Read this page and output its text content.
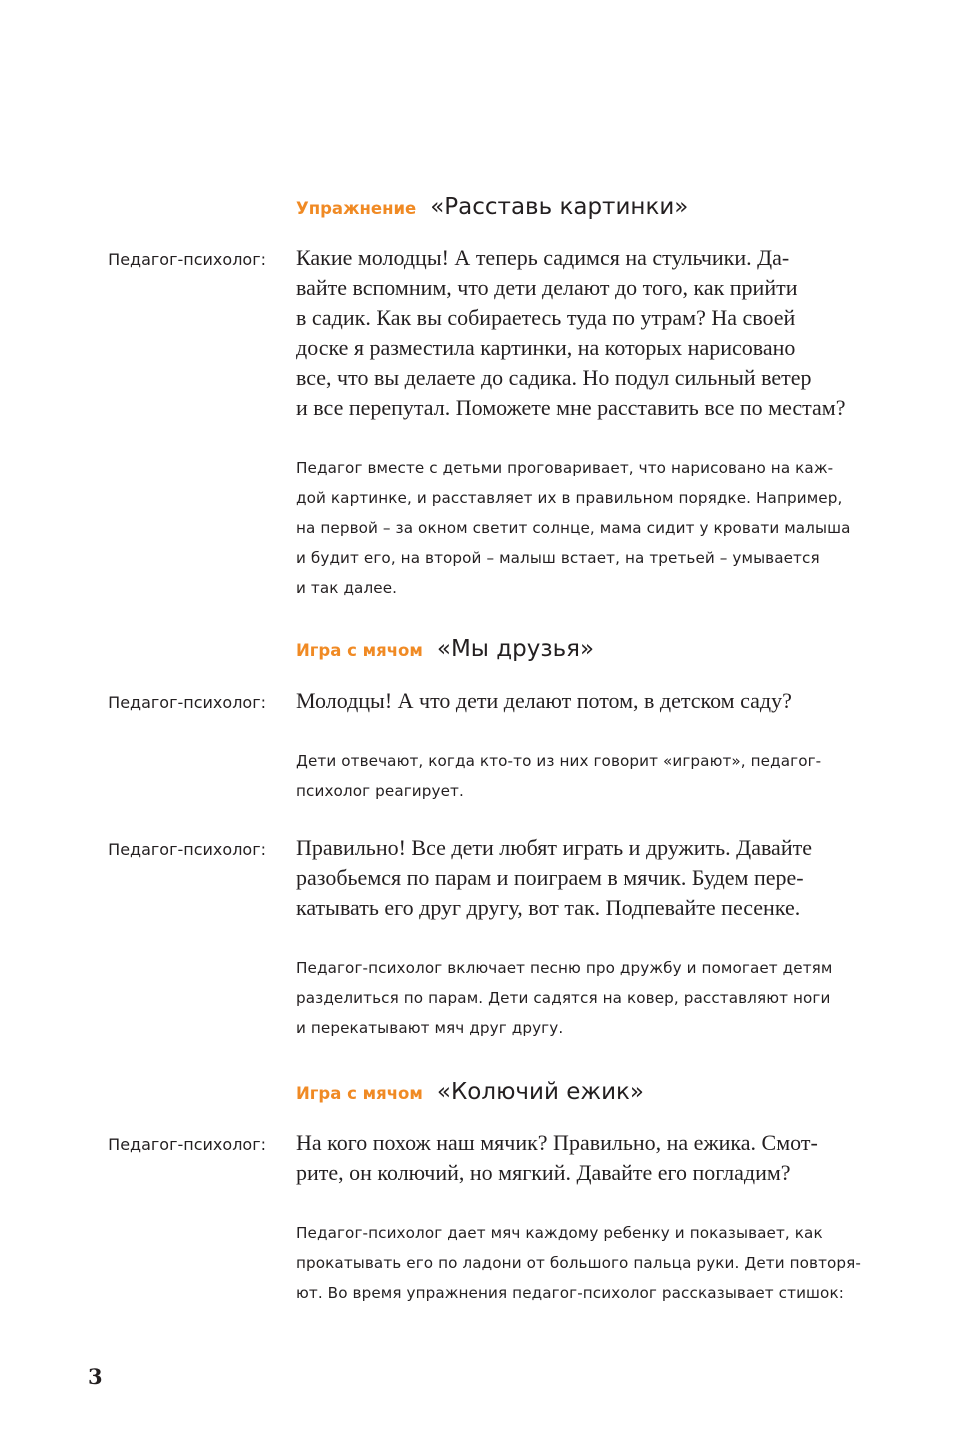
Упражнение «Расставь картинки»
Педагог-психолог: Какие молодцы! А теперь садимся на стульчики. Да-
вайте вспомним, что дети делают до того, как прийти
в садик. Как вы собираетесь туда по утрам? На своей
доске я разместила картинки, на которых нарисовано
все, что вы делаете до садика. Но подул сильный ветер
и все перепутал. Поможете мне расставить все по местам?
Педагог вместе с детьми проговаривает, что нарисовано на каж-
дой картинке, и расставляет их в правильном порядке. Например,
на первой – за окном светит солнце, мама сидит у кровати малыша
и будит его, на второй – малыш встает, на третьей – умывается
и так далее.
Игра с мячом «Мы друзья»
Педагог-психолог: Молодцы! А что дети делают потом, в детском саду?
Дети отвечают, когда кто-то из них говорит «играют», педагог-
психолог реагирует.
Педагог-психолог: Правильно! Все дети любят играть и дружить. Давайте
разобьемся по парам и поиграем в мячик. Будем пере-
катывать его друг другу, вот так. Подпевайте песенке.
Педагог-психолог включает песню про дружбу и помогает детям
разделиться по парам. Дети садятся на ковер, расставляют ноги
и перекатывают мяч друг другу.
Игра с мячом «Колючий ежик»
Педагог-психолог: На кого похож наш мячик? Правильно, на ежика. Смот-
рите, он колючий, но мягкий. Давайте его погладим?
Педагог-психолог дает мяч каждому ребенку и показывает, как
прокатывать его по ладони от большого пальца руки. Дети повторя-
ют. Во время упражнения педагог-психолог рассказывает стишок:
3
